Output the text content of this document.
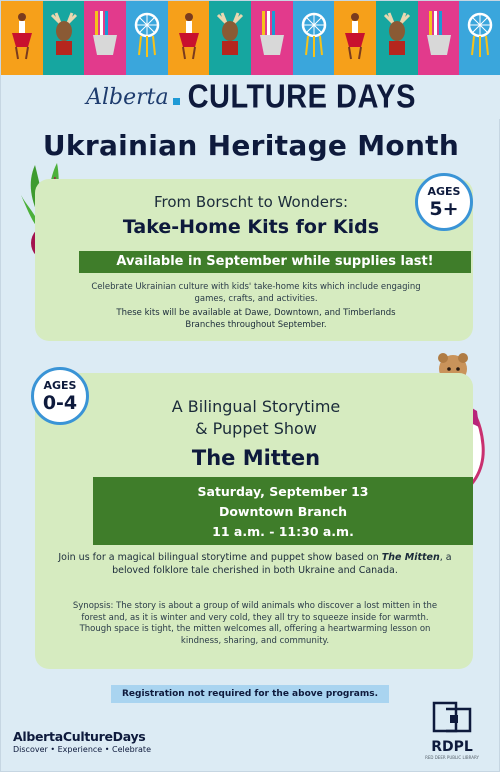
Alberta CULTURE DAYS
Ukrainian Heritage Month
From Borscht to Wonders:
Take-Home Kits for Kids
Available in September while supplies last!
Celebrate Ukrainian culture with kids' take-home kits which include engaging games, crafts, and activities.
These kits will be available at Dawe, Downtown, and Timberlands Branches throughout September.
AGES
5+
A Bilingual Storytime
& Puppet Show
The Mitten
Saturday, September 13
Downtown Branch
11 a.m. - 11:30 a.m.
Join us for a magical bilingual storytime and puppet show based on The Mitten, a beloved folklore tale cherished in both Ukraine and Canada.
Synopsis: The story is about a group of wild animals who discover a lost mitten in the forest and, as it is winter and very cold, they all try to squeeze inside for warmth. Though space is tight, the mitten welcomes all, offering a heartwarming lesson on kindness, sharing, and community.
AGES
0-4
Registration not required for the above programs.
AlbertaCultureDays
Discover • Experience • Celebrate	RDPL
RED DEER PUBLIC LIBRARY
